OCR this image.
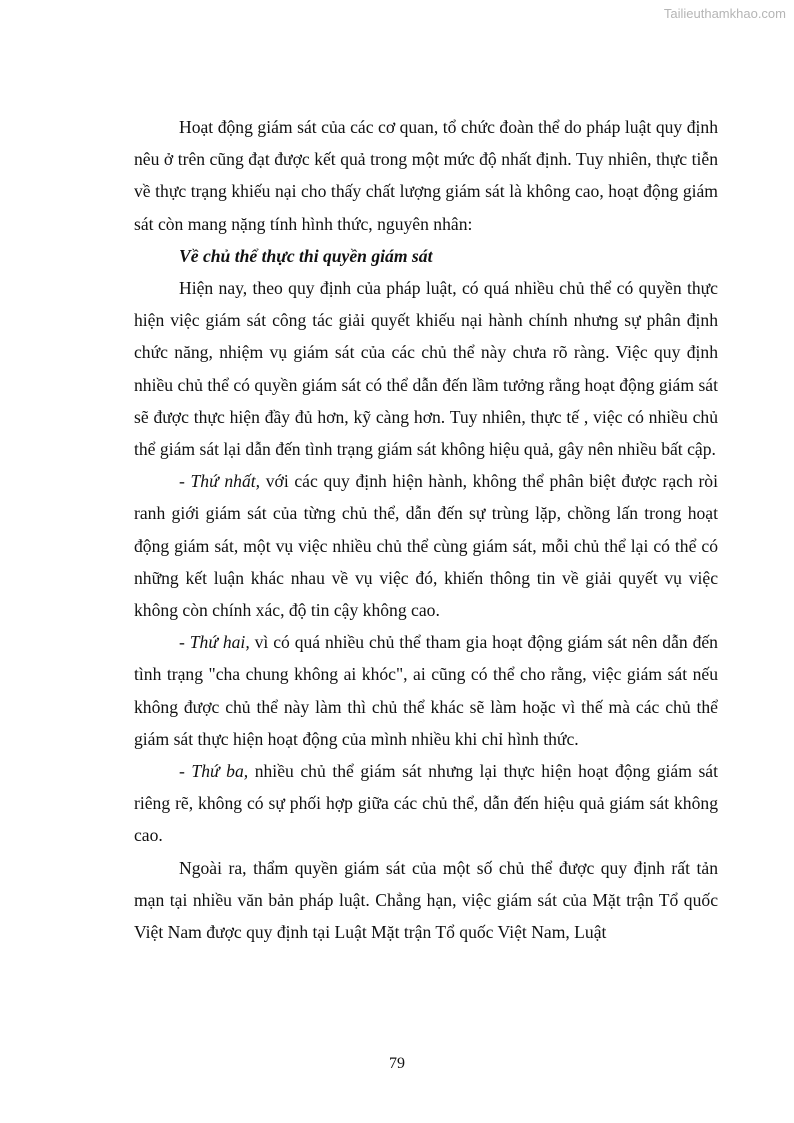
Tailieuthamkhao.com

Hoạt động giám sát của các cơ quan, tổ chức đoàn thể do pháp luật quy định nêu ở trên cũng đạt được kết quả trong một mức độ nhất định. Tuy nhiên, thực tiễn về thực trạng khiếu nại cho thấy chất lượng giám sát là không cao, hoạt động giám sát còn mang nặng tính hình thức, nguyên nhân:

Về chủ thể thực thi quyền giám sát

Hiện nay, theo quy định của pháp luật, có quá nhiều chủ thể có quyền thực hiện việc giám sát công tác giải quyết khiếu nại hành chính nhưng sự phân định chức năng, nhiệm vụ giám sát của các chủ thể này chưa rõ ràng. Việc quy định nhiều chủ thể có quyền giám sát có thể dẫn đến lầm tưởng rằng hoạt động giám sát sẽ được thực hiện đầy đủ hơn, kỹ càng hơn. Tuy nhiên, thực tế , việc có nhiều chủ thể giám sát lại dẫn đến tình trạng giám sát không hiệu quả, gây nên nhiều bất cập.

- Thứ nhất, với các quy định hiện hành, không thể phân biệt được rạch ròi ranh giới giám sát của từng chủ thể, dẫn đến sự trùng lặp, chồng lấn trong hoạt động giám sát, một vụ việc nhiều chủ thể cùng giám sát, mỗi chủ thể lại có thể có những kết luận khác nhau về vụ việc đó, khiến thông tin về giải quyết vụ việc không còn chính xác, độ tin cậy không cao.

- Thứ hai, vì có quá nhiều chủ thể tham gia hoạt động giám sát nên dẫn đến tình trạng "cha chung không ai khóc", ai cũng có thể cho rằng, việc giám sát nếu không được chủ thể này làm thì chủ thể khác sẽ làm hoặc vì thế mà các chủ thể giám sát thực hiện hoạt động của mình nhiều khi chỉ hình thức.

- Thứ ba, nhiều chủ thể giám sát nhưng lại thực hiện hoạt động giám sát riêng rẽ, không có sự phối hợp giữa các chủ thể, dẫn đến hiệu quả giám sát không cao.

Ngoài ra, thẩm quyền giám sát của một số chủ thể được quy định rất tản mạn tại nhiều văn bản pháp luật. Chẳng hạn, việc giám sát của Mặt trận Tổ quốc Việt Nam được quy định tại Luật Mặt trận Tổ quốc Việt Nam, Luật

79
